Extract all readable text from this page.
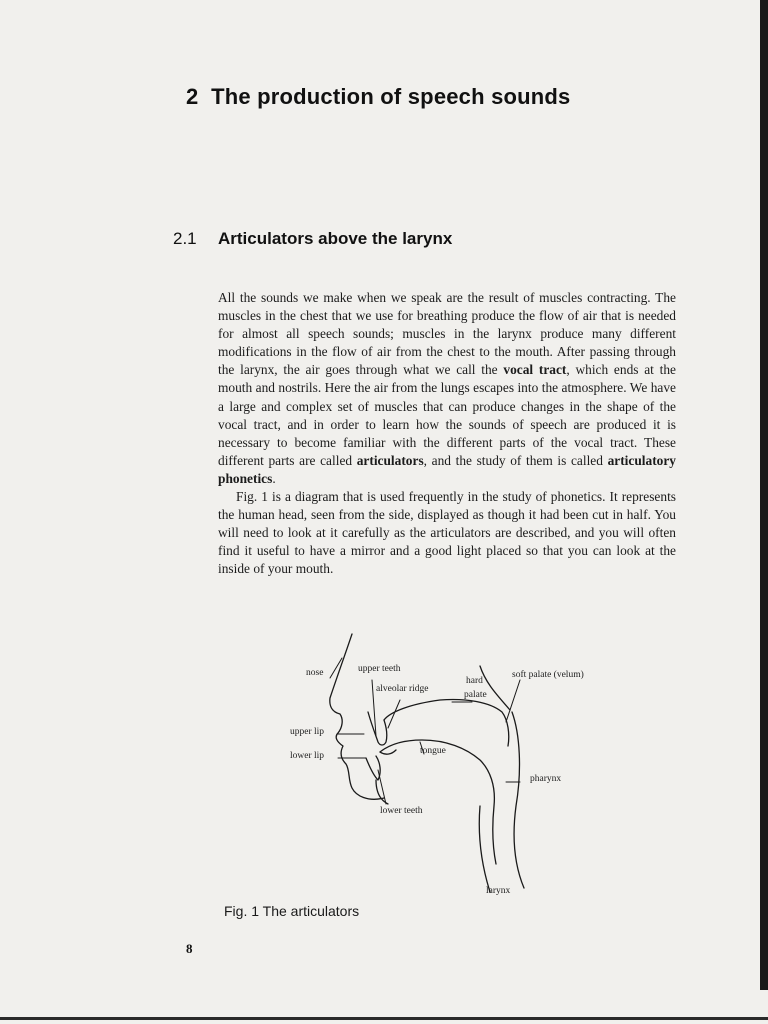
2 The production of speech sounds
2.1 Articulators above the larynx

All the sounds we make when we speak are the result of muscles contracting. The muscles in the chest that we use for breathing produce the flow of air that is needed for almost all speech sounds; muscles in the larynx produce many different modifications in the flow of air from the chest to the mouth. After passing through the larynx, the air goes through what we call the vocal tract, which ends at the mouth and nostrils. Here the air from the lungs escapes into the atmosphere. We have a large and complex set of muscles that can produce changes in the shape of the vocal tract, and in order to learn how the sounds of speech are produced it is necessary to become familiar with the different parts of the vocal tract. These different parts are called articulators, and the study of them is called articulatory phonetics.

Fig. 1 is a diagram that is used frequently in the study of phonetics. It represents the human head, seen from the side, displayed as though it had been cut in half. You will need to look at it carefully as the articulators are described, and you will often find it useful to have a mirror and a good light placed so that you can look at the inside of your mouth.

nose	upper teeth
alveolar ridge
hard
palate
soft palate (velum)
upper lip
lower lip	tongue
pharynx
lower teeth
larynx
Fig. 1 The articulators
8
